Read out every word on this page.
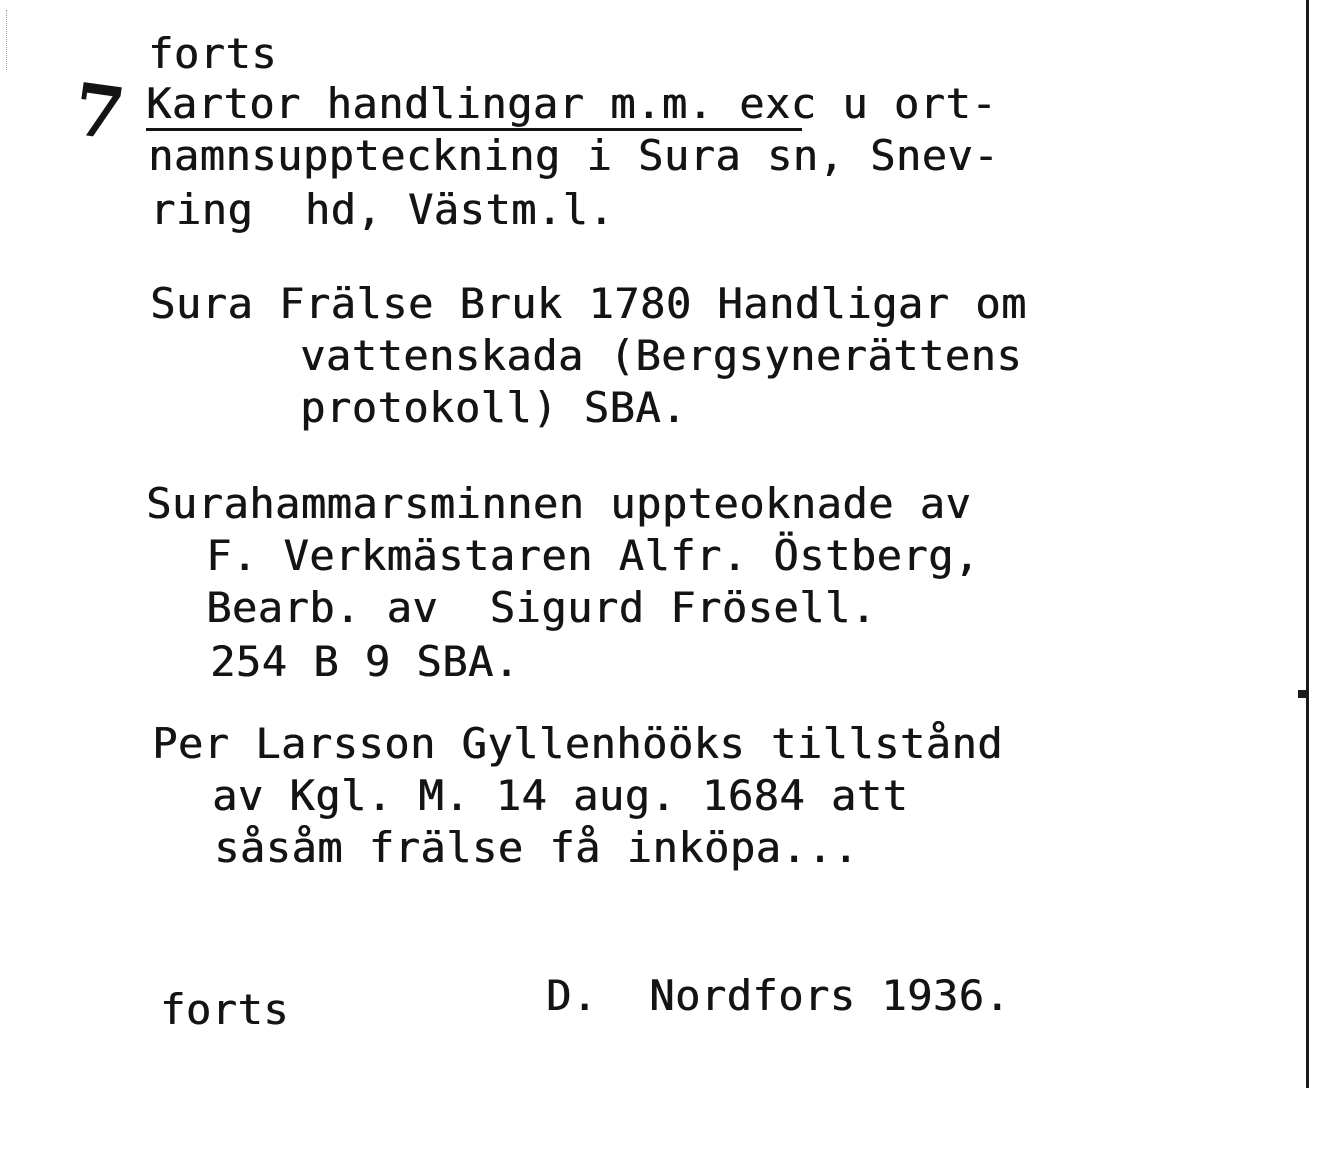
7
forts
Kartor handlingar m.m. exc u ort-
namnsuppteckning i Sura sn, Snev-
ring  hd, Västm.l.
Sura Frälse Bruk 1780 Handligar om
vattenskada (Bergsynerättens
protokoll) SBA.
Surahammarsminnen uppteoknade av
F. Verkmästaren Alfr. Östberg,
Bearb. av  Sigurd Frösell.
254 B 9 SBA.
Per Larsson Gyllenhööks tillstånd
av Kgl. M. 14 aug. 1684 att
såsåm frälse få inköpa...
forts	D.  Nordfors 1936.
